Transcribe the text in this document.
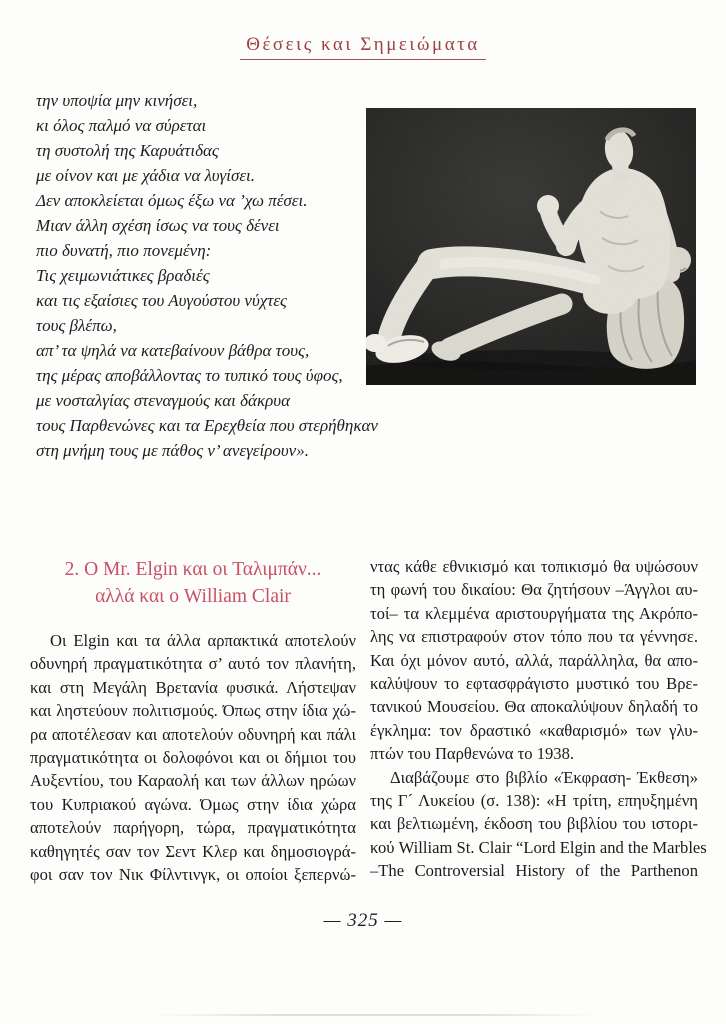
Θέσεις και Σημειώματα
την υποψία μην κινήσει,
κι όλος παλμό να σύρεται
τη συστολή της Καρυάτιδας
με οίνον και με χάδια να λυγίσει.
Δεν αποκλείεται όμως έξω να ’χω πέσει.
Μιαν άλλη σχέση ίσως να τους δένει
πιο δυνατή, πιο πονεμένη:
Τις χειμωνιάτικες βραδιές
και τις εξαίσιες του Αυγούστου νύχτες
τους βλέπω,
απ’ τα ψηλά να κατεβαίνουν βάθρα τους,
της μέρας αποβάλλοντας το τυπικό τους ύφος,
με νοσταλγίας στεναγμούς και δάκρυα
τους Παρθενώνες και τα Ερεχθεία που στερήθηκαν
στη μνήμη τους με πάθος ν’ ανεγείρουν».
2. Ο Mr. Elgin και οι Ταλιμπάν...
αλλά και ο William Clair
Οι Elgin και τα άλλα αρπακτικά αποτελούν
οδυνηρή πραγματικότητα σ’ αυτό τον πλανήτη,
και στη Μεγάλη Βρετανία φυσικά. Λήστεψαν
και ληστεύουν πολιτισμούς. Όπως στην ίδια χώ-
ρα αποτέλεσαν και αποτελούν οδυνηρή και πάλι
πραγματικότητα οι δολοφόνοι και οι δήμιοι του
Αυξεντίου, του Καραολή και των άλλων ηρώων
του Κυπριακού αγώνα. Όμως στην ίδια χώρα
αποτελούν παρήγορη, τώρα, πραγματικότητα
καθηγητές σαν τον Σεντ Κλερ και δημοσιογρά-
φοι σαν τον Νικ Φίλντινγκ, οι οποίοι ξεπερνώ-
ντας κάθε εθνικισμό και τοπικισμό θα υψώσουν
τη φωνή του δικαίου: Θα ζητήσουν –Άγγλοι αυ-
τοί– τα κλεμμένα αριστουργήματα της Ακρόπο-
λης να επιστραφούν στον τόπο που τα γέννησε.
Και όχι μόνον αυτό, αλλά, παράλληλα, θα απο-
καλύψουν το εφτασφράγιστο μυστικό του Βρε-
τανικού Μουσείου. Θα αποκαλύψουν δηλαδή το
έγκλημα: τον δραστικό «καθαρισμό» των γλυ-
πτών του Παρθενώνα το 1938.
Διαβάζουμε στο βιβλίο «Έκφραση- Έκθεση»
της Γ´ Λυκείου (σ. 138): «Η τρίτη, επηυξημένη
και βελτιωμένη, έκδοση του βιβλίου του ιστορι-
κού William St. Clair “Lord Elgin and the Marbles
–The Controversial History of the Parthenon
— 325 —
